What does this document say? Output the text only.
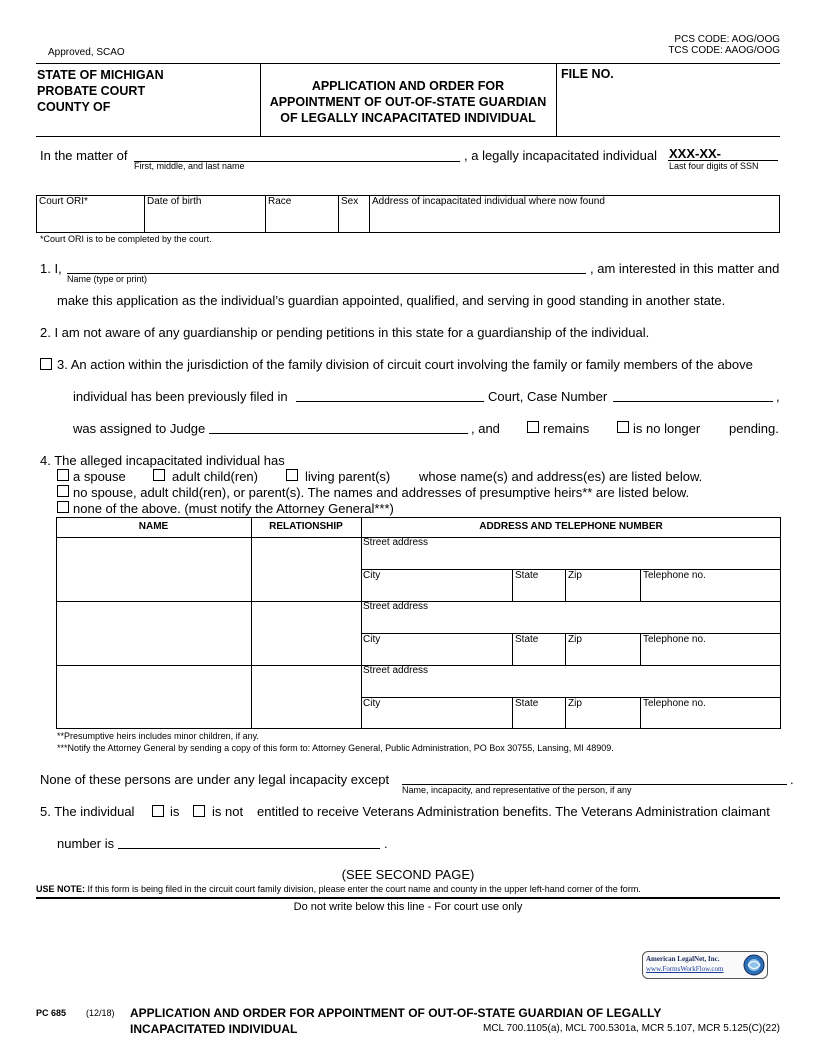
PCS CODE: AOG/OOG
TCS CODE: AAOG/OOG
Approved, SCAO
STATE OF MICHIGAN
PROBATE COURT
COUNTY OF
APPLICATION AND ORDER FOR
APPOINTMENT OF OUT-OF-STATE GUARDIAN
OF LEGALLY INCAPACITATED INDIVIDUAL
FILE NO.
In the matter of
First, middle, and last name
, a legally incapacitated individual XXX-XX-
Last four digits of SSN
Court ORI*	Date of birth	Race	Sex Address of incapacitated individual where now found
*Court ORI is to be completed by the court.
1. I,
Name (type or print)
, am interested in this matter and
make this application as the individual’s guardian appointed, qualified, and serving in good standing in another state.
2. I am not aware of any guardianship or pending petitions in this state for a guardianship of the individual.
3. An action within the jurisdiction of the family division of circuit court involving the family or family members of the above
individual has been previously filed in	Court, Case Number	,
was assigned to Judge	, and	remains	is no longer pending.
4. The alleged incapacitated individual has
a spouse	adult child(ren)	living parent(s) whose name(s) and address(es) are listed below.
no spouse, adult child(ren), or parent(s). The names and addresses of presumptive heirs** are listed below.
none of the above. (must notify the Attorney General***)
NAME	RELATIONSHIP	ADDRESS AND TELEPHONE NUMBER
Street address
City	State	Zip	Telephone no.
Street address
City	State	Zip	Telephone no.
Street address
City	State	Zip	Telephone no.
**Presumptive heirs includes minor children, if any.
***Notify the Attorney General by sending a copy of this form to: Attorney General, Public Administration, PO Box 30755, Lansing, MI 48909.
None of these persons are under any legal incapacity except
Name, incapacity, and representative of the person, if any
.
5. The individual	is	is not entitled to receive Veterans Administration benefits. The Veterans Administration claimant
number is	.
(SEE SECOND PAGE)
USE NOTE: If this form is being filed in the circuit court family division, please enter the court name and county in the upper left-hand corner of the form.
Do not write below this line - For court use only
American LegalNet, Inc.
www.FormsWorkFlow.com
PC 685 (12/18) APPLICATION AND ORDER FOR APPOINTMENT OF OUT-OF-STATE GUARDIAN OF LEGALLY
INCAPACITATED INDIVIDUAL	MCL 700.1105(a), MCL 700.5301a, MCR 5.107, MCR 5.125(C)(22)
